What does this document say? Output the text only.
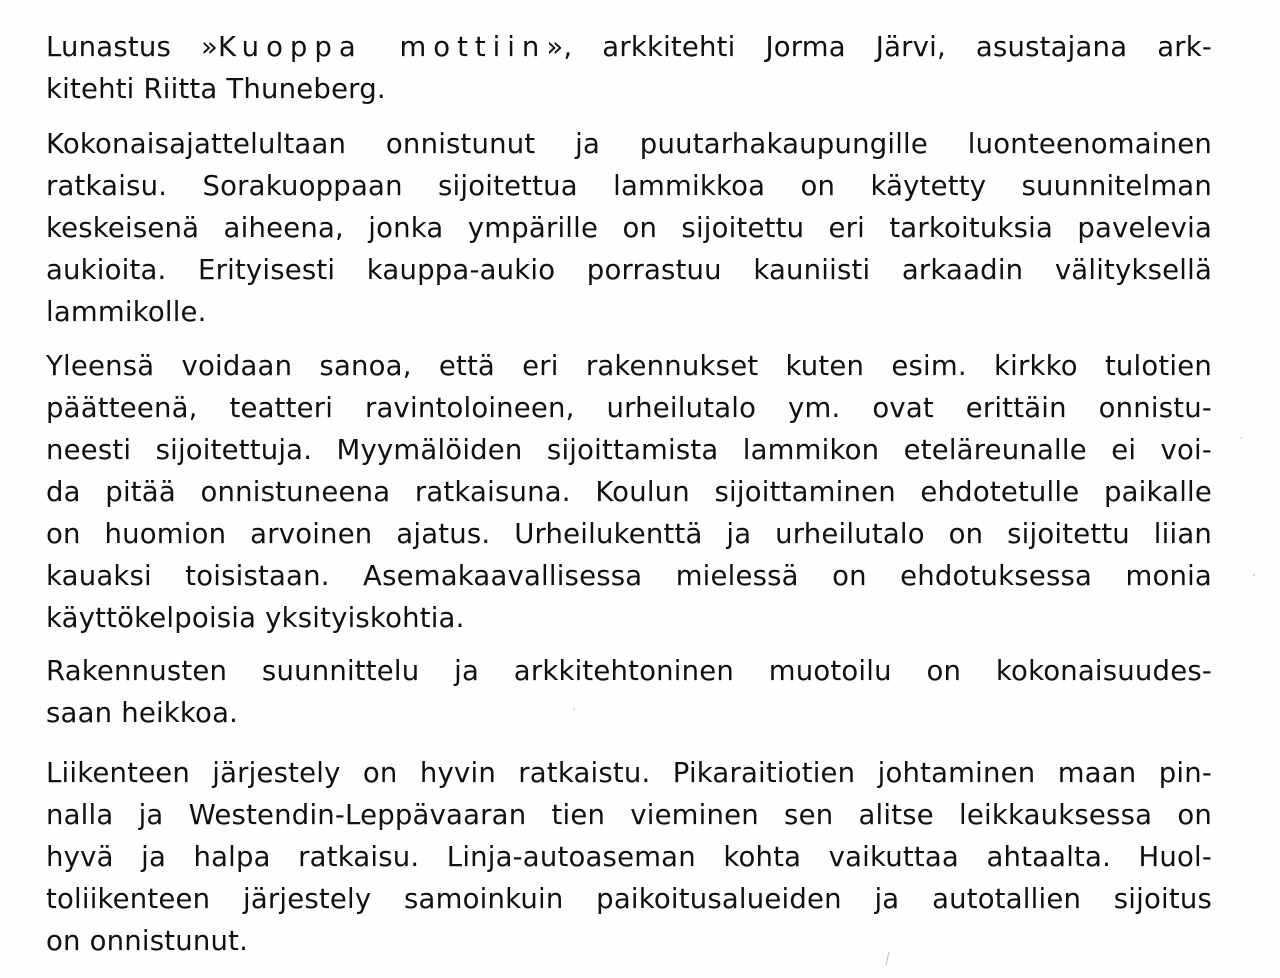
Lunastus »Kuoppa mottiin», arkkitehti Jorma Järvi, asustajana ark-
kitehti Riitta Thuneberg.
Kokonaisajattelultaan onnistunut ja puutarhakaupungille luonteenomainen
ratkaisu. Sorakuoppaan sijoitettua lammikkoa on käytetty suunnitelman
keskeisenä aiheena, jonka ympärille on sijoitettu eri tarkoituksia pavelevia
aukioita. Erityisesti kauppa-aukio porrastuu kauniisti arkaadin välityksellä
lammikolle.
Yleensä voidaan sanoa, että eri rakennukset kuten esim. kirkko tulotien
päätteenä, teatteri ravintoloineen, urheilutalo ym. ovat erittäin onnistu-
neesti sijoitettuja. Myymälöiden sijoittamista lammikon eteläreunalle ei voi-
da pitää onnistuneena ratkaisuna. Koulun sijoittaminen ehdotetulle paikalle
on huomion arvoinen ajatus. Urheilukenttä ja urheilutalo on sijoitettu liian
kauaksi toisistaan. Asemakaavallisessa mielessä on ehdotuksessa monia
käyttökelpoisia yksityiskohtia.
Rakennusten suunnittelu ja arkkitehtoninen muotoilu on kokonaisuudes-
saan heikkoa.
Liikenteen järjestely on hyvin ratkaistu. Pikaraitiotien johtaminen maan pin-
nalla ja Westendin-Leppävaaran tien vieminen sen alitse leikkauksessa on
hyvä ja halpa ratkaisu. Linja-autoaseman kohta vaikuttaa ahtaalta. Huol-
toliikenteen järjestely samoinkuin paikoitusalueiden ja autotallien sijoitus
on onnistunut.
